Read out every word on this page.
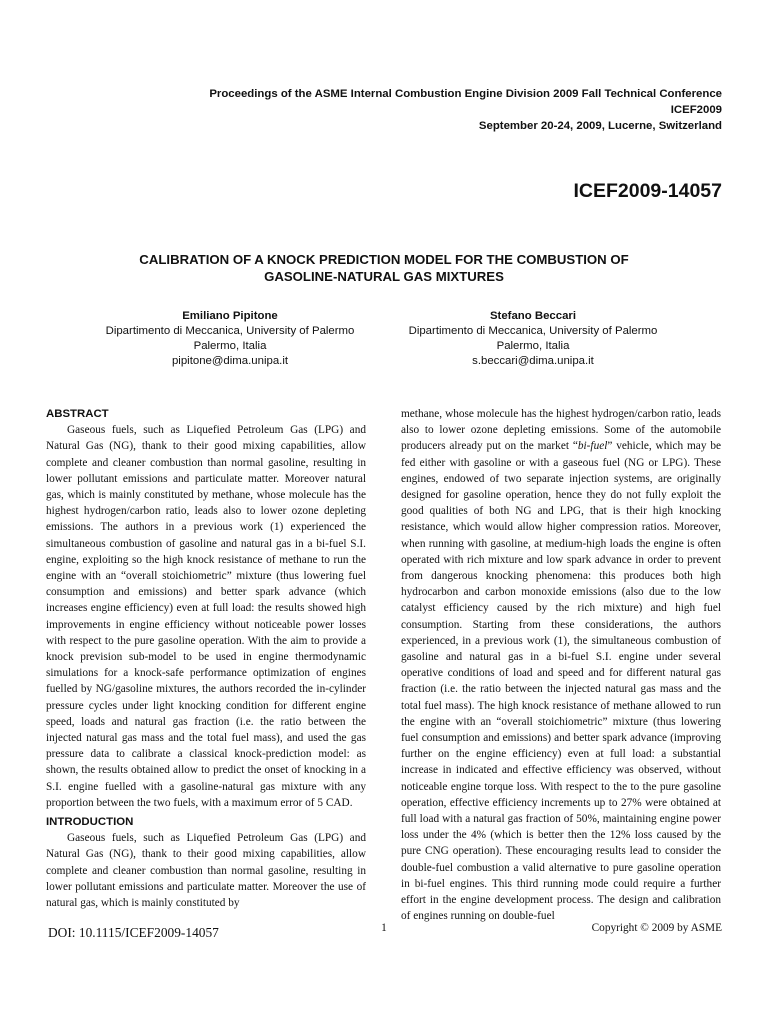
Proceedings of the ASME Internal Combustion Engine Division 2009 Fall Technical Conference
ICEF2009
September 20-24, 2009, Lucerne, Switzerland
ICEF2009-14057
CALIBRATION OF A KNOCK PREDICTION MODEL FOR THE COMBUSTION OF
GASOLINE-NATURAL GAS MIXTURES
Emiliano Pipitone
Dipartimento di Meccanica, University of Palermo
Palermo, Italia
pipitone@dima.unipa.it
Stefano Beccari
Dipartimento di Meccanica, University of Palermo
Palermo, Italia
s.beccari@dima.unipa.it
ABSTRACT

Gaseous fuels, such as Liquefied Petroleum Gas (LPG) and Natural Gas (NG), thank to their good mixing capabilities, allow complete and cleaner combustion than normal gasoline, resulting in lower pollutant emissions and particulate matter. Moreover natural gas, which is mainly constituted by methane, whose molecule has the highest hydrogen/carbon ratio, leads also to lower ozone depleting emissions. The authors in a previous work (1) experienced the simultaneous combustion of gasoline and natural gas in a bi-fuel S.I. engine, exploiting so the high knock resistance of methane to run the engine with an “overall stoichiometric” mixture (thus lowering fuel consumption and emissions) and better spark advance (which increases engine efficiency) even at full load: the results showed high improvements in engine efficiency without noticeable power losses with respect to the pure gasoline operation. With the aim to provide a knock prevision sub-model to be used in engine thermodynamic simulations for a knock-safe performance optimization of engines fuelled by NG/gasoline mixtures, the authors recorded the in-cylinder pressure cycles under light knocking condition for different engine speed, loads and natural gas fraction (i.e. the ratio between the injected natural gas mass and the total fuel mass), and used the gas pressure data to calibrate a classical knock-prediction model: as shown, the results obtained allow to predict the onset of knocking in a S.I. engine fuelled with a gasoline-natural gas mixture with any proportion between the two fuels, with a maximum error of 5 CAD.

INTRODUCTION

Gaseous fuels, such as Liquefied Petroleum Gas (LPG) and Natural Gas (NG), thank to their good mixing capabilities, allow complete and cleaner combustion than normal gasoline, resulting in lower pollutant emissions and particulate matter. Moreover the use of natural gas, which is mainly constituted by

methane, whose molecule has the highest hydrogen/carbon ratio, leads also to lower ozone depleting emissions. Some of the automobile producers already put on the market “bi-fuel” vehicle, which may be fed either with gasoline or with a gaseous fuel (NG or LPG). These engines, endowed of two separate injection systems, are originally designed for gasoline operation, hence they do not fully exploit the good qualities of both NG and LPG, that is their high knocking resistance, which would allow higher compression ratios. Moreover, when running with gasoline, at medium-high loads the engine is often operated with rich mixture and low spark advance in order to prevent from dangerous knocking phenomena: this produces both high hydrocarbon and carbon monoxide emissions (also due to the low catalyst efficiency caused by the rich mixture) and high fuel consumption. Starting from these considerations, the authors experienced, in a previous work (1), the simultaneous combustion of gasoline and natural gas in a bi-fuel S.I. engine under several operative conditions of load and speed and for different natural gas fraction (i.e. the ratio between the injected natural gas mass and the total fuel mass). The high knock resistance of methane allowed to run the engine with an “overall stoichiometric” mixture (thus lowering fuel consumption and emissions) and better spark advance (improving further on the engine efficiency) even at full load: a substantial increase in indicated and effective efficiency was observed, without noticeable engine torque loss. With respect to the to the pure gasoline operation, effective efficiency increments up to 27% were obtained at full load with a natural gas fraction of 50%, maintaining engine power loss under the 4% (which is better then the 12% loss caused by the pure CNG operation). These encouraging results lead to consider the double-fuel combustion a valid alternative to pure gasoline operation in bi-fuel engines. This third running mode could require a further effort in the engine development process. The design and calibration of engines running on double-fuel

DOI: 10.1115/ICEF2009-14057	1	Copyright © 2009 by ASME
